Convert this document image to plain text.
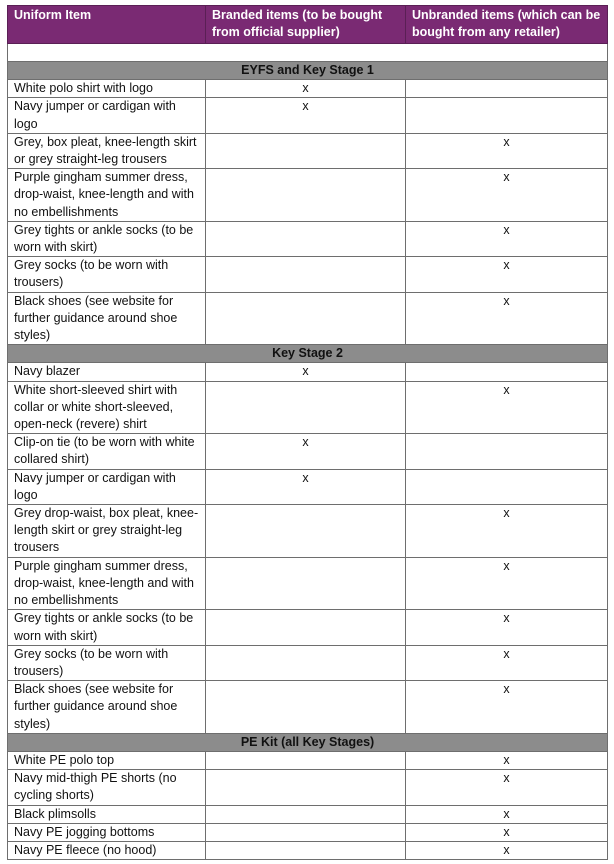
Uniform Item	Branded items (to be bought from official supplier)	Unbranded items (which can be bought from any retailer)

EYFS and Key Stage 1		
White polo shirt with logo	x	
Navy jumper or cardigan with logo	x	
Grey, box pleat, knee-length skirt or grey straight-leg trousers		x
Purple gingham summer dress, drop-waist, knee-length and with no embellishments		x
Grey tights or ankle socks (to be worn with skirt)		x
Grey socks (to be worn with trousers)		x
Black shoes (see website for further guidance around shoe styles)		x
Key Stage 2		
Navy blazer	x	
White short-sleeved shirt with collar or white short-sleeved, open-neck (revere) shirt		x
Clip-on tie (to be worn with white collared shirt)	x	
Navy jumper or cardigan with logo	x	
Grey drop-waist, box pleat, knee-length skirt or grey straight-leg trousers		x
Purple gingham summer dress, drop-waist, knee-length and with no embellishments		x
Grey tights or ankle socks (to be worn with skirt)		x
Grey socks (to be worn with trousers)		x
Black shoes (see website for further guidance around shoe styles)		x
PE Kit (all Key Stages)		
White PE polo top		x
Navy mid-thigh PE shorts (no cycling shorts)		x
Black plimsolls		x
Navy PE jogging bottoms		x
Navy PE fleece (no hood)		x
